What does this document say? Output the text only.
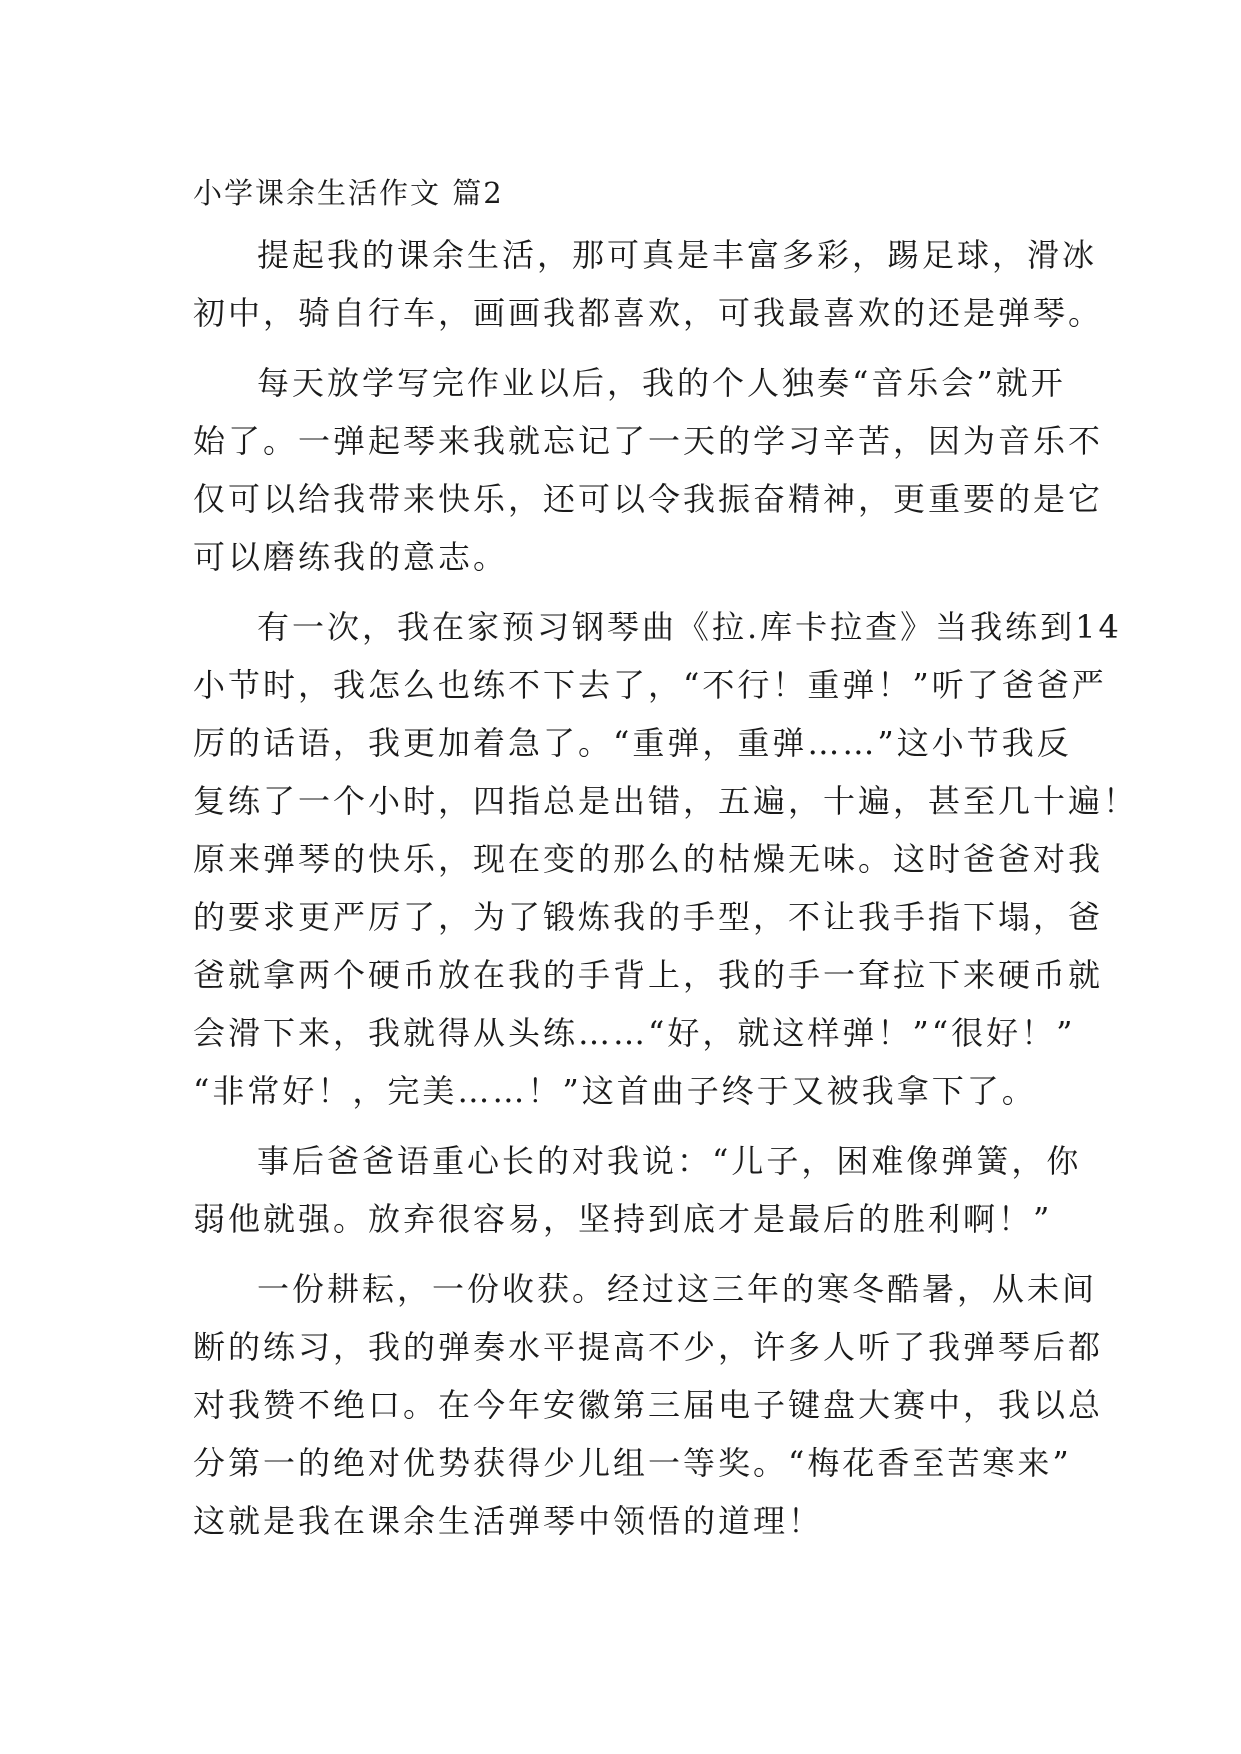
小学课余生活作文 篇2
提起我的课余生活，那可真是丰富多彩，踢足球，滑冰
初中，骑自行车，画画我都喜欢，可我最喜欢的还是弹琴。
每天放学写完作业以后，我的个人独奏“音乐会”就开
始了。一弹起琴来我就忘记了一天的学习辛苦，因为音乐不
仅可以给我带来快乐，还可以令我振奋精神，更重要的是它
可以磨练我的意志。
有一次，我在家预习钢琴曲《拉.库卡拉查》当我练到14
小节时，我怎么也练不下去了，“不行！重弹！”听了爸爸严
厉的话语，我更加着急了。“重弹，重弹……”这小节我反
复练了一个小时，四指总是出错，五遍，十遍，甚至几十遍！
原来弹琴的快乐，现在变的那么的枯燥无味。这时爸爸对我
的要求更严厉了，为了锻炼我的手型，不让我手指下塌，爸
爸就拿两个硬币放在我的手背上，我的手一耷拉下来硬币就
会滑下来，我就得从头练……“好，就这样弹！”“很好！”
“非常好！，完美……！”这首曲子终于又被我拿下了。
事后爸爸语重心长的对我说：“儿子，困难像弹簧，你
弱他就强。放弃很容易，坚持到底才是最后的胜利啊！”
一份耕耘，一份收获。经过这三年的寒冬酷暑，从未间
断的练习，我的弹奏水平提高不少，许多人听了我弹琴后都
对我赞不绝口。在今年安徽第三届电子键盘大赛中，我以总
分第一的绝对优势获得少儿组一等奖。“梅花香至苦寒来”
这就是我在课余生活弹琴中领悟的道理！
